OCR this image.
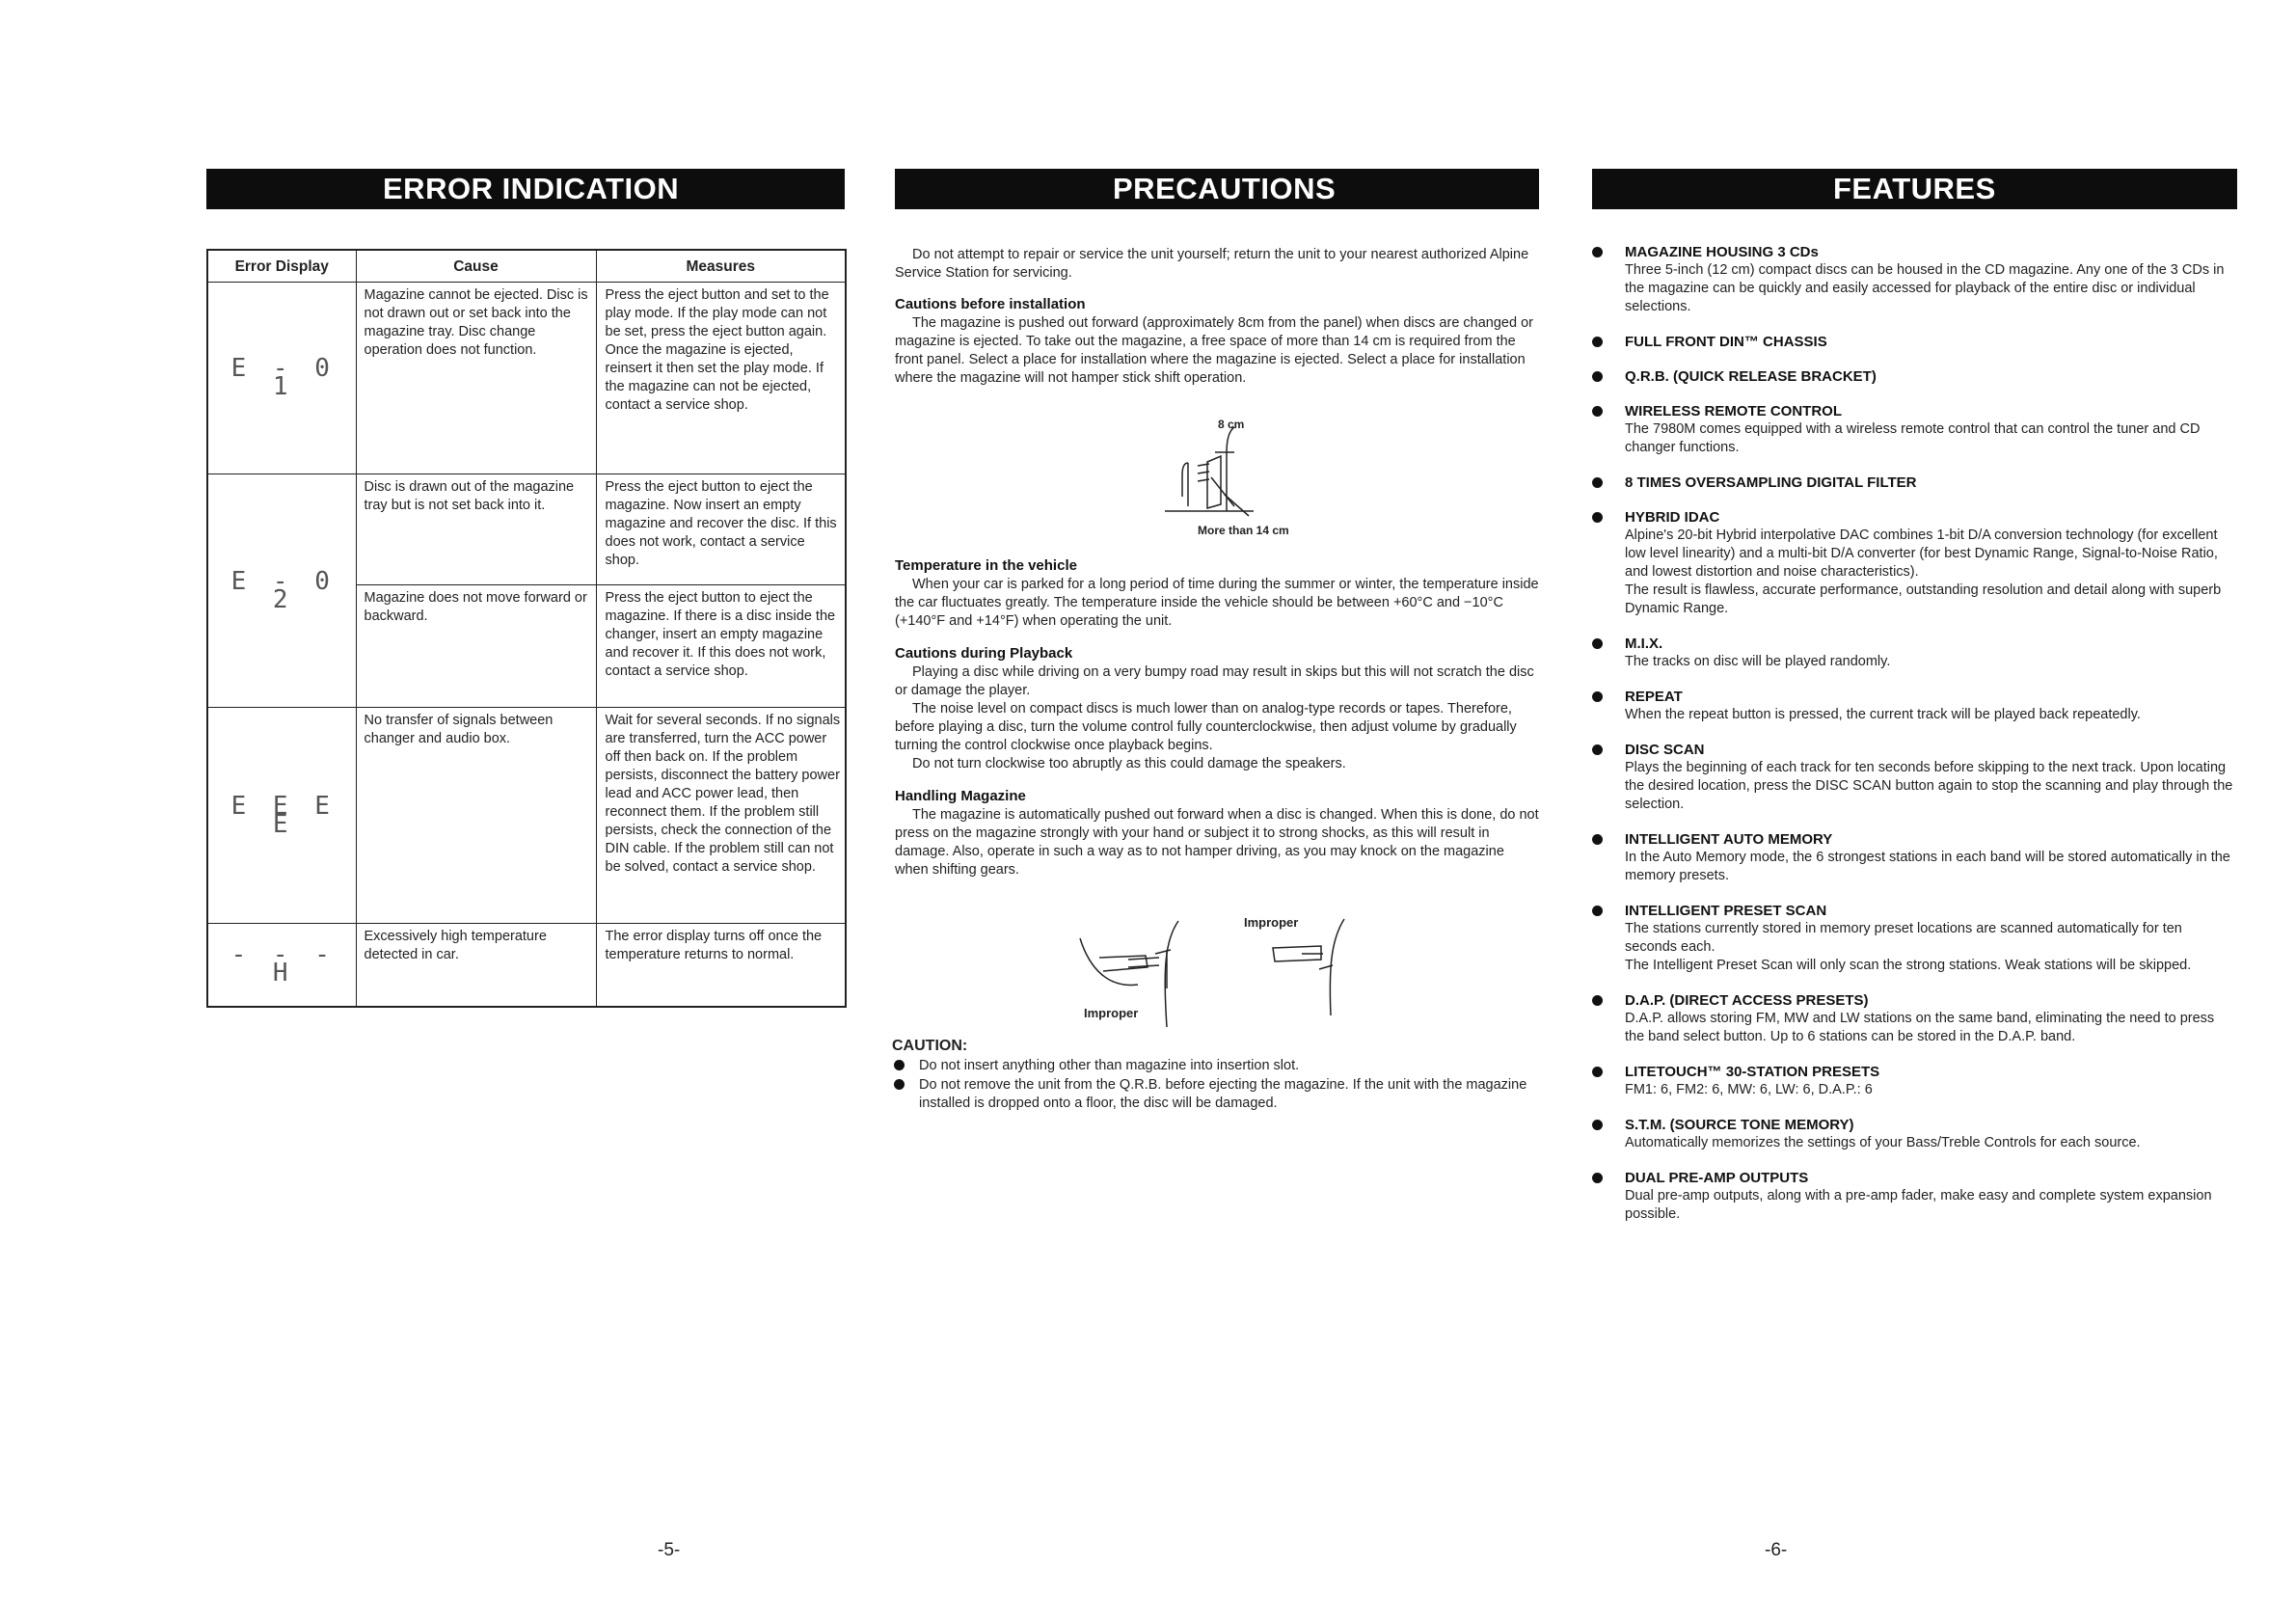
ERROR INDICATION
Error Display	Cause	Measures
E - 0 1	Magazine cannot be ejected. Disc is not drawn out or set back into the magazine tray. Disc change operation does not function.	Press the eject button and set to the play mode. If the play mode can not be set, press the eject button again. Once the magazine is ejected, reinsert it then set the play mode. If the magazine can not be ejected, contact a service shop.
E - 0 2	Disc is drawn out of the magazine tray but is not set back into it.	Press the eject button to eject the magazine. Now insert an empty magazine and recover the disc. If this does not work, contact a service shop.
	Magazine does not move forward or backward.	Press the eject button to eject the magazine. If there is a disc inside the changer, insert an empty magazine and recover it. If this does not work, contact a service shop.
E E E E	No transfer of signals between changer and audio box.	Wait for several seconds. If no signals are transferred, turn the ACC power off then back on. If the problem persists, disconnect the battery power lead and ACC power lead, then reconnect them. If the problem still persists, check the connection of the DIN cable. If the problem still can not be solved, contact a service shop.
- - - H	Excessively high temperature detected in car.	The error display turns off once the temperature returns to normal.
-5-
PRECAUTIONS

Do not attempt to repair or service the unit yourself; return the unit to your nearest authorized Alpine Service Station for servicing.

Cautions before installation

The magazine is pushed out forward (approximately 8cm from the panel) when discs are changed or magazine is ejected. To take out the magazine, a free space of more than 14 cm is required from the front panel. Select a place for installation where the magazine is ejected. Select a place for installation where the magazine will not hamper stick shift operation.

Temperature in the vehicle

When your car is parked for a long period of time during the summer or winter, the temperature inside the car fluctuates greatly. The temperature inside the vehicle should be between +60°C and −10°C (+140°F and +14°F) when operating the unit.

Cautions during Playback

Playing a disc while driving on a very bumpy road may result in skips but this will not scratch the disc or damage the player.

The noise level on compact discs is much lower than on analog-type records or tapes. Therefore, before playing a disc, turn the volume control fully counterclockwise, then adjust volume by gradually turning the control clockwise once playback begins.

Do not turn clockwise too abruptly as this could damage the speakers.

Handling Magazine

The magazine is automatically pushed out forward when a disc is changed. When this is done, do not press on the magazine strongly with your hand or subject it to strong shocks, as this will result in damage. Also, operate in such a way as to not hamper driving, as you may knock on the magazine when shifting gears.

8 cm
More than 14 cm
Improper
Improper
CAUTION:
Do not insert anything other than magazine into insertion slot.
Do not remove the unit from the Q.R.B. before ejecting the magazine. If the unit with the magazine installed is dropped onto a floor, the disc will be damaged.
FEATURES
MAGAZINE HOUSING 3 CDs
Three 5-inch (12 cm) compact discs can be housed in the CD magazine. Any one of the 3 CDs in the magazine can be quickly and easily accessed for playback of the entire disc or individual selections.
FULL FRONT DIN™ CHASSIS
Q.R.B. (QUICK RELEASE BRACKET)
WIRELESS REMOTE CONTROL
The 7980M comes equipped with a wireless remote control that can control the tuner and CD changer functions.
8 TIMES OVERSAMPLING DIGITAL FILTER
HYBRID IDAC
Alpine's 20-bit Hybrid interpolative DAC combines 1-bit D/A conversion technology (for excellent low level linearity) and a multi-bit D/A converter (for best Dynamic Range, Signal-to-Noise Ratio, and lowest distortion and noise characteristics).
The result is flawless, accurate performance, outstanding resolution and detail along with superb Dynamic Range.
M.I.X.
The tracks on disc will be played randomly.
REPEAT
When the repeat button is pressed, the current track will be played back repeatedly.
DISC SCAN
Plays the beginning of each track for ten seconds before skipping to the next track. Upon locating the desired location, press the DISC SCAN button again to stop the scanning and play through the selection.
INTELLIGENT AUTO MEMORY
In the Auto Memory mode, the 6 strongest stations in each band will be stored automatically in the memory presets.
INTELLIGENT PRESET SCAN
The stations currently stored in memory preset locations are scanned automatically for ten seconds each.
The Intelligent Preset Scan will only scan the strong stations. Weak stations will be skipped.
D.A.P. (DIRECT ACCESS PRESETS)
D.A.P. allows storing FM, MW and LW stations on the same band, eliminating the need to press the band select button. Up to 6 stations can be stored in the D.A.P. band.
LITETOUCH™ 30-STATION PRESETS
FM1: 6, FM2: 6, MW: 6, LW: 6, D.A.P.: 6
S.T.M. (SOURCE TONE MEMORY)
Automatically memorizes the settings of your Bass/Treble Controls for each source.
DUAL PRE-AMP OUTPUTS
Dual pre-amp outputs, along with a pre-amp fader, make easy and complete system expansion possible.
-6-
